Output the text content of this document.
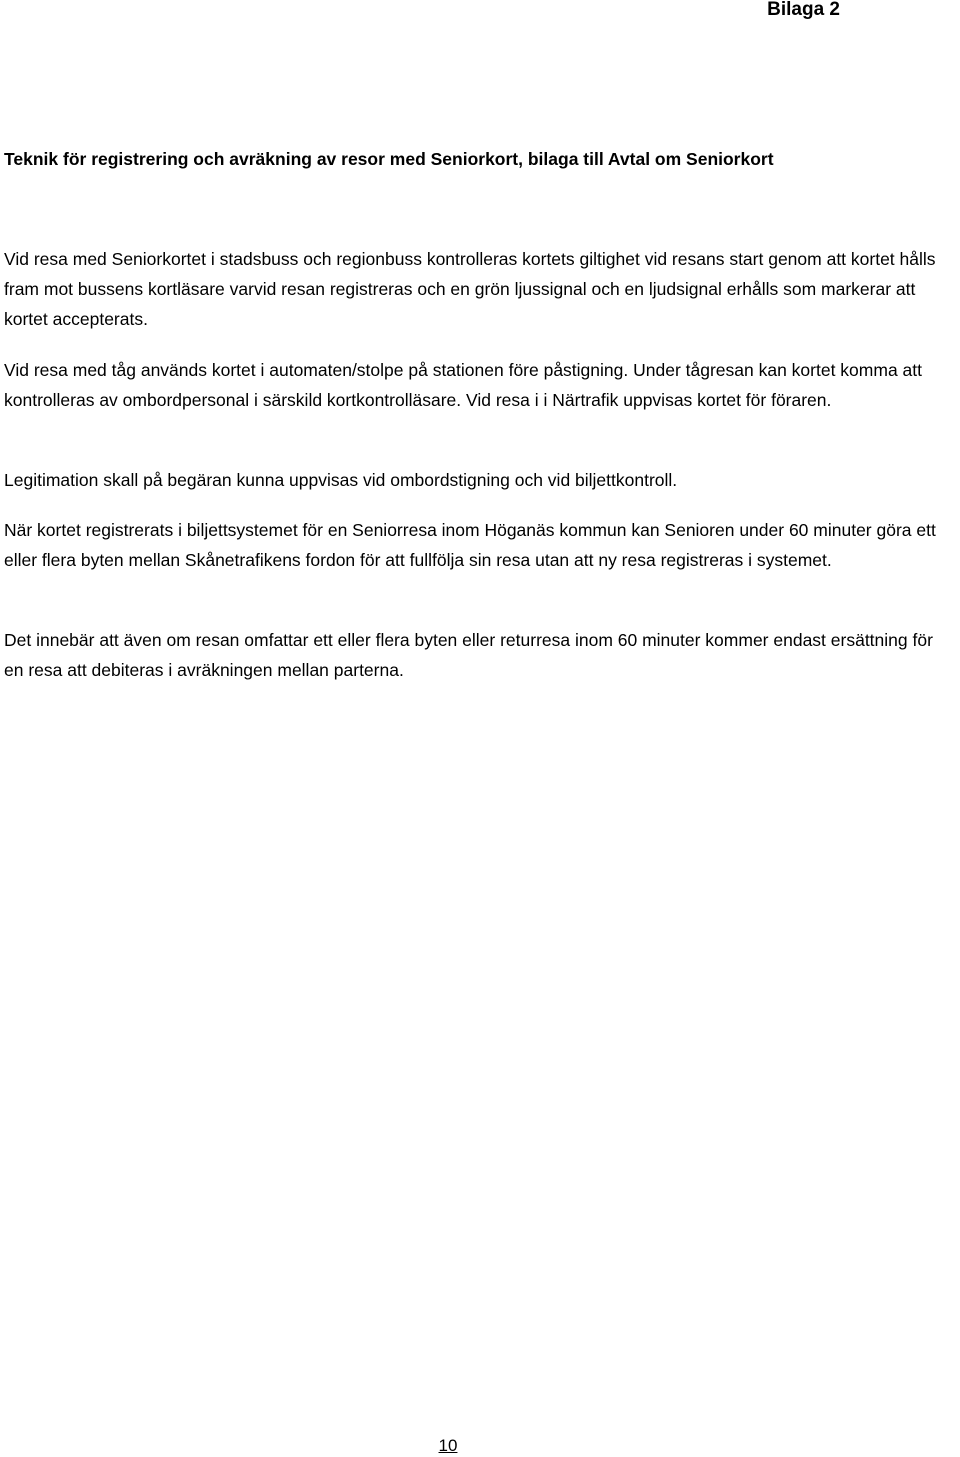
Bilaga 2
Teknik för registrering och avräkning av resor med Seniorkort, bilaga till Avtal om Seniorkort

Vid resa med Seniorkortet i stadsbuss och regionbuss kontrolleras kortets giltighet vid resans start genom att kortet hålls fram mot bussens kortläsare varvid resan registreras och en grön ljussignal och en ljudsignal erhålls som markerar att kortet accepterats.

Vid resa med tåg används kortet i automaten/stolpe på stationen före påstigning. Under tågresan kan kortet komma att kontrolleras av ombordpersonal i särskild kortkontrolläsare. Vid resa i i Närtrafik uppvisas kortet för föraren.

Legitimation skall på begäran kunna uppvisas vid ombordstigning och vid biljettkontroll.

När kortet registrerats i biljettsystemet för en Seniorresa inom Höganäs kommun kan Senioren under 60 minuter göra ett eller flera byten mellan Skånetrafikens fordon för att fullfölja sin resa utan att ny resa registreras i systemet.

Det innebär att även om resan omfattar ett eller flera byten eller returresa inom 60 minuter kommer endast ersättning för en resa att debiteras i avräkningen mellan parterna.

10
